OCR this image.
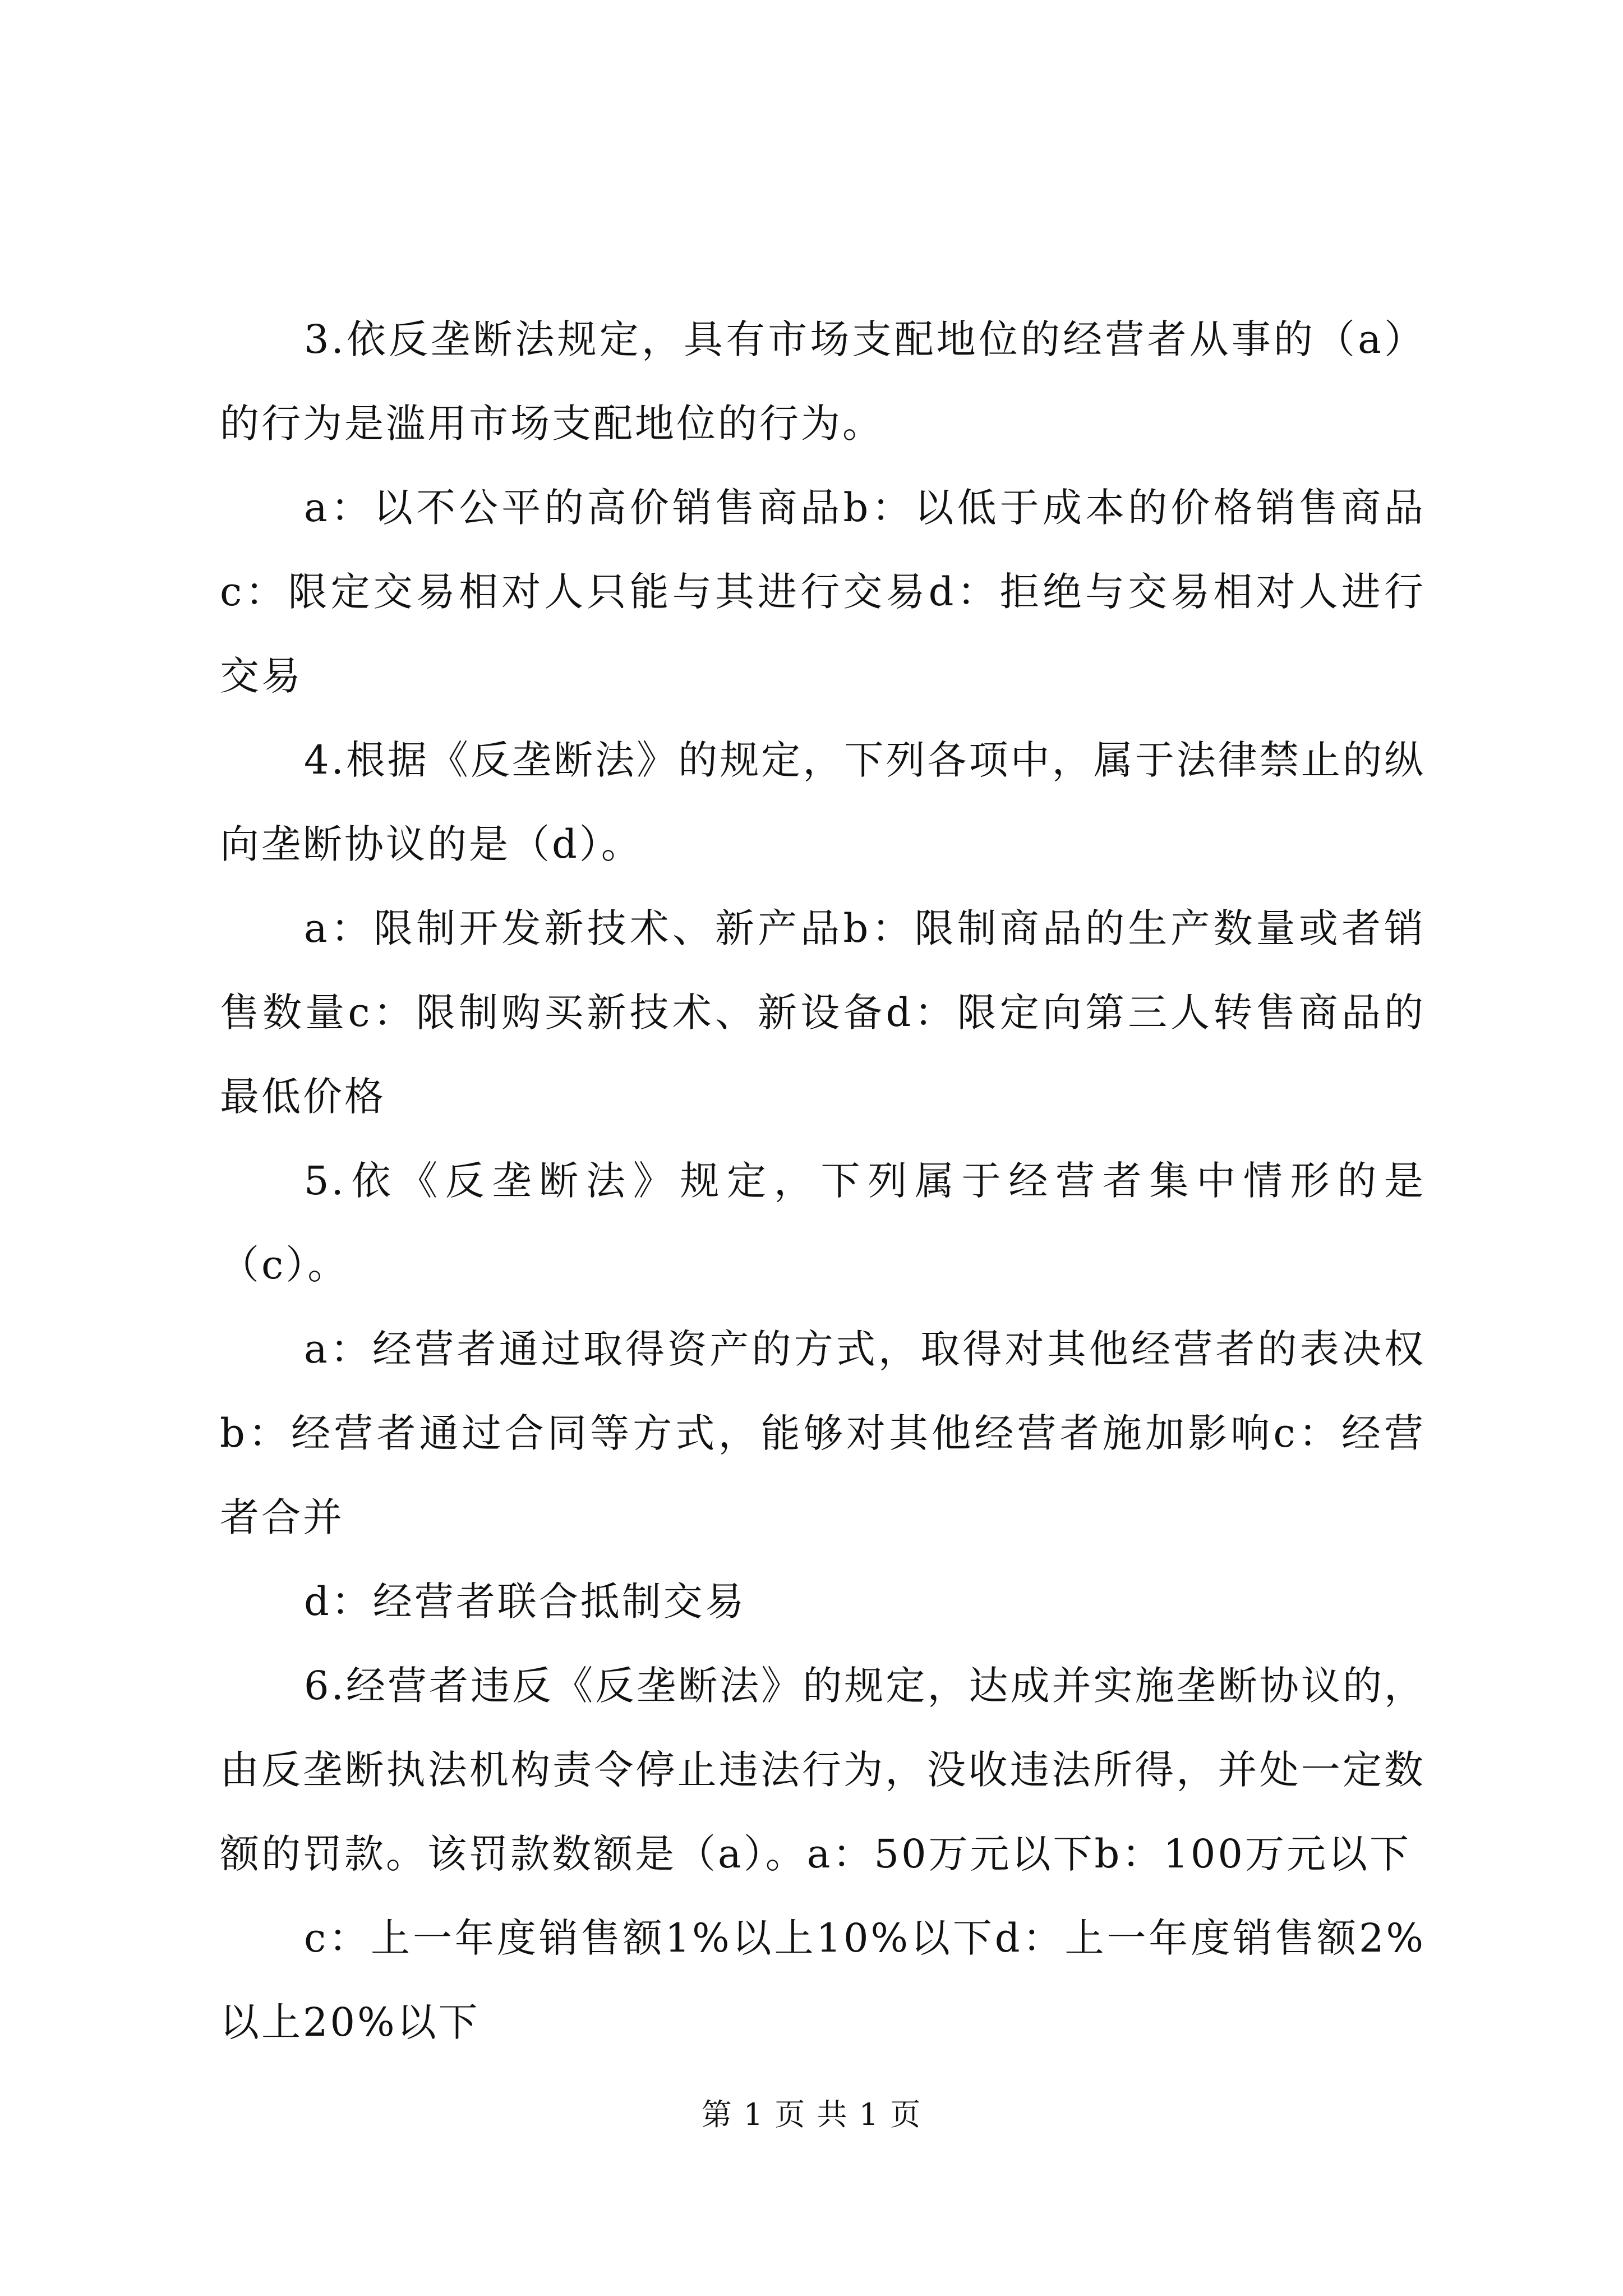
3.依反垄断法规定，具有市场支配地位的经营者从事的（a）的行为是滥用市场支配地位的行为。

a：以不公平的高价销售商品b：以低于成本的价格销售商品c：限定交易相对人只能与其进行交易d：拒绝与交易相对人进行交易

4.根据《反垄断法》的规定，下列各项中，属于法律禁止的纵向垄断协议的是（d）。

a：限制开发新技术、新产品b：限制商品的生产数量或者销售数量c：限制购买新技术、新设备d：限定向第三人转售商品的最低价格

5.依《反垄断法》规定，下列属于经营者集中情形的是（c）。

a：经营者通过取得资产的方式，取得对其他经营者的表决权b：经营者通过合同等方式，能够对其他经营者施加影响c：经营者合并

d：经营者联合抵制交易

6.经营者违反《反垄断法》的规定，达成并实施垄断协议的，由反垄断执法机构责令停止违法行为，没收违法所得，并处一定数额的罚款。该罚款数额是（a）。a：50万元以下b：100万元以下

c：上一年度销售额1%以上10%以下d：上一年度销售额2%以上20%以下

第 1 页 共 1 页
